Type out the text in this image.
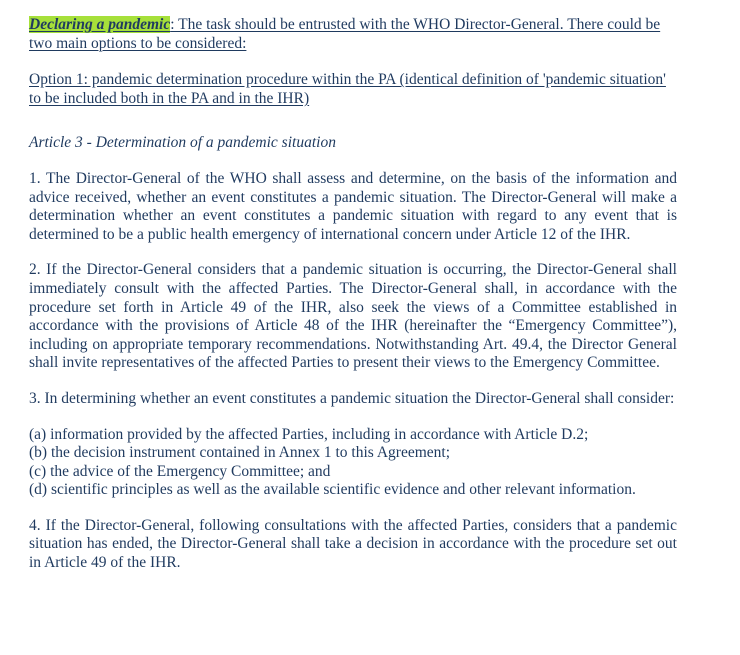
Declaring a pandemic: The task should be entrusted with the WHO Director-General. There could be two main options to be considered:

Option 1: pandemic determination procedure within the PA (identical definition of 'pandemic situation' to be included both in the PA and in the IHR)

Article 3 - Determination of a pandemic situation

1. The Director-General of the WHO shall assess and determine, on the basis of the information and advice received, whether an event constitutes a pandemic situation. The Director-General will make a determination whether an event constitutes a pandemic situation with regard to any event that is determined to be a public health emergency of international concern under Article 12 of the IHR.

2. If the Director-General considers that a pandemic situation is occurring, the Director-General shall immediately consult with the affected Parties. The Director-General shall, in accordance with the procedure set forth in Article 49 of the IHR, also seek the views of a Committee established in accordance with the provisions of Article 48 of the IHR (hereinafter the “Emergency Committee”), including on appropriate temporary recommendations. Notwithstanding Art. 49.4, the Director General shall invite representatives of the affected Parties to present their views to the Emergency Committee.

3. In determining whether an event constitutes a pandemic situation the Director-General shall consider:

(a) information provided by the affected Parties, including in accordance with Article D.2;
(b) the decision instrument contained in Annex 1 to this Agreement;
(c) the advice of the Emergency Committee; and
(d) scientific principles as well as the available scientific evidence and other relevant information.

4. If the Director-General, following consultations with the affected Parties, considers that a pandemic situation has ended, the Director-General shall take a decision in accordance with the procedure set out in Article 49 of the IHR.
